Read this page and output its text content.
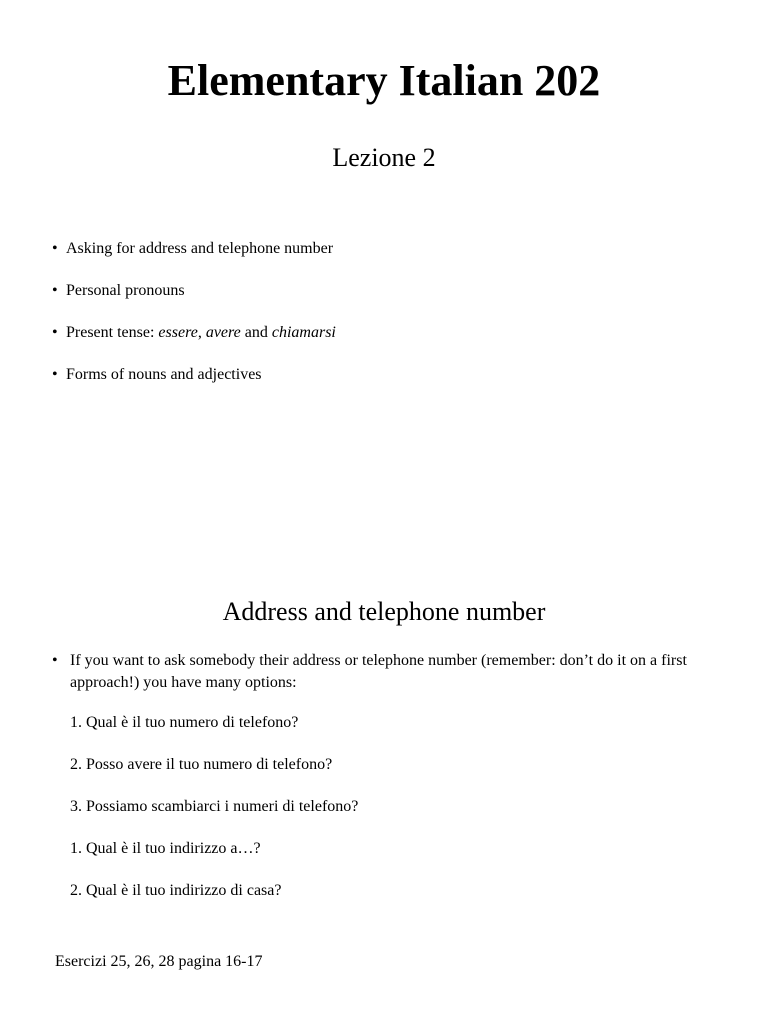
Elementary Italian 202
Lezione 2
• Asking for address and telephone number
• Personal pronouns
• Present tense: essere, avere and chiamarsi
• Forms of nouns and adjectives
Address and telephone number
• If you want to ask somebody their address or telephone number (remember: don’t do it on a first approach!) you have many options:
1. Qual è il tuo numero di telefono?
2. Posso avere il tuo numero di telefono?
3. Possiamo scambiarci i numeri di telefono?
1. Qual è il tuo indirizzo a…?
2. Qual è il tuo indirizzo di casa?
Esercizi 25, 26, 28 pagina 16-17
